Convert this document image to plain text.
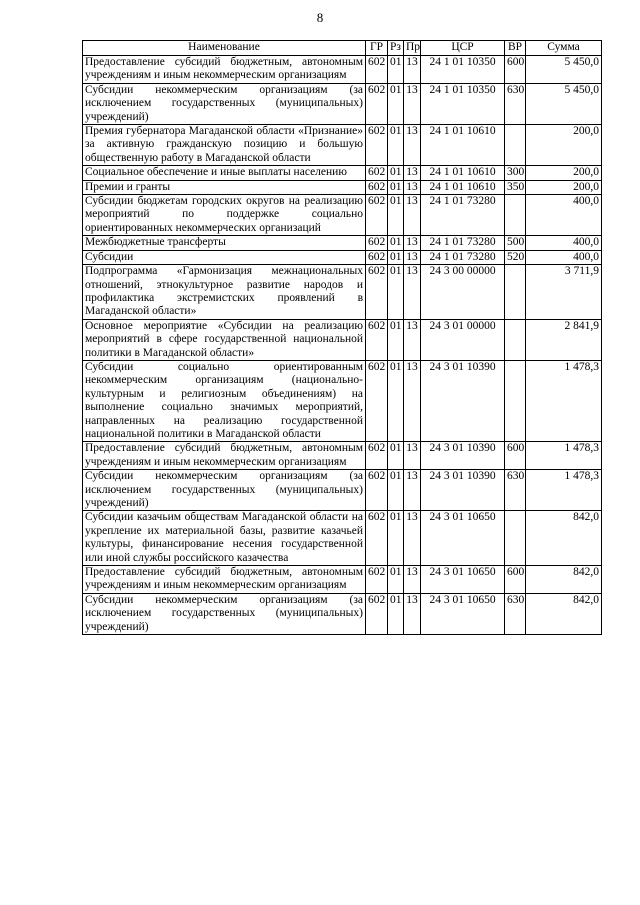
8
Наименование	ГР	Рз	Пр	ЦСР	ВР	Сумма
Предоставление субсидий бюджетным, автономным учреждениям и иным некоммерческим организациям	602	01	13	24 1 01 10350	600	5 450,0
Субсидии некоммерческим организациям (за исключением государственных (муниципальных) учреждений)	602	01	13	24 1 01 10350	630	5 450,0
Премия губернатора Магаданской области «Признание» за активную гражданскую позицию и большую общественную работу в Магаданской области	602	01	13	24 1 01 10610		200,0
Социальное обеспечение и иные выплаты населению	602	01	13	24 1 01 10610	300	200,0
Премии и гранты	602	01	13	24 1 01 10610	350	200,0
Субсидии бюджетам городских округов на реализацию мероприятий по поддержке социально ориентированных некоммерческих организаций	602	01	13	24 1 01 73280		400,0
Межбюджетные трансферты	602	01	13	24 1 01 73280	500	400,0
Субсидии	602	01	13	24 1 01 73280	520	400,0
Подпрограмма «Гармонизация межнациональных отношений, этнокультурное развитие народов и профилактика экстремистских проявлений в Магаданской области»	602	01	13	24 3 00 00000		3 711,9
Основное мероприятие «Субсидии на реализацию мероприятий в сфере государственной национальной политики в Магаданской области»	602	01	13	24 3 01 00000		2 841,9
Субсидии социально ориентированным некоммерческим организациям (национально-культурным и религиозным объединениям) на выполнение социально значимых мероприятий, направленных на реализацию государственной национальной политики в Магаданской области	602	01	13	24 3 01 10390		1 478,3
Предоставление субсидий бюджетным, автономным учреждениям и иным некоммерческим организациям	602	01	13	24 3 01 10390	600	1 478,3
Субсидии некоммерческим организациям (за исключением государственных (муниципальных) учреждений)	602	01	13	24 3 01 10390	630	1 478,3
Субсидии казачьим обществам Магаданской области на укрепление их материальной базы, развитие казачьей культуры, финансирование несения государственной или иной службы российского казачества	602	01	13	24 3 01 10650		842,0
Предоставление субсидий бюджетным, автономным учреждениям и иным некоммерческим организациям	602	01	13	24 3 01 10650	600	842,0
Субсидии некоммерческим организациям (за исключением государственных (муниципальных) учреждений)	602	01	13	24 3 01 10650	630	842,0
